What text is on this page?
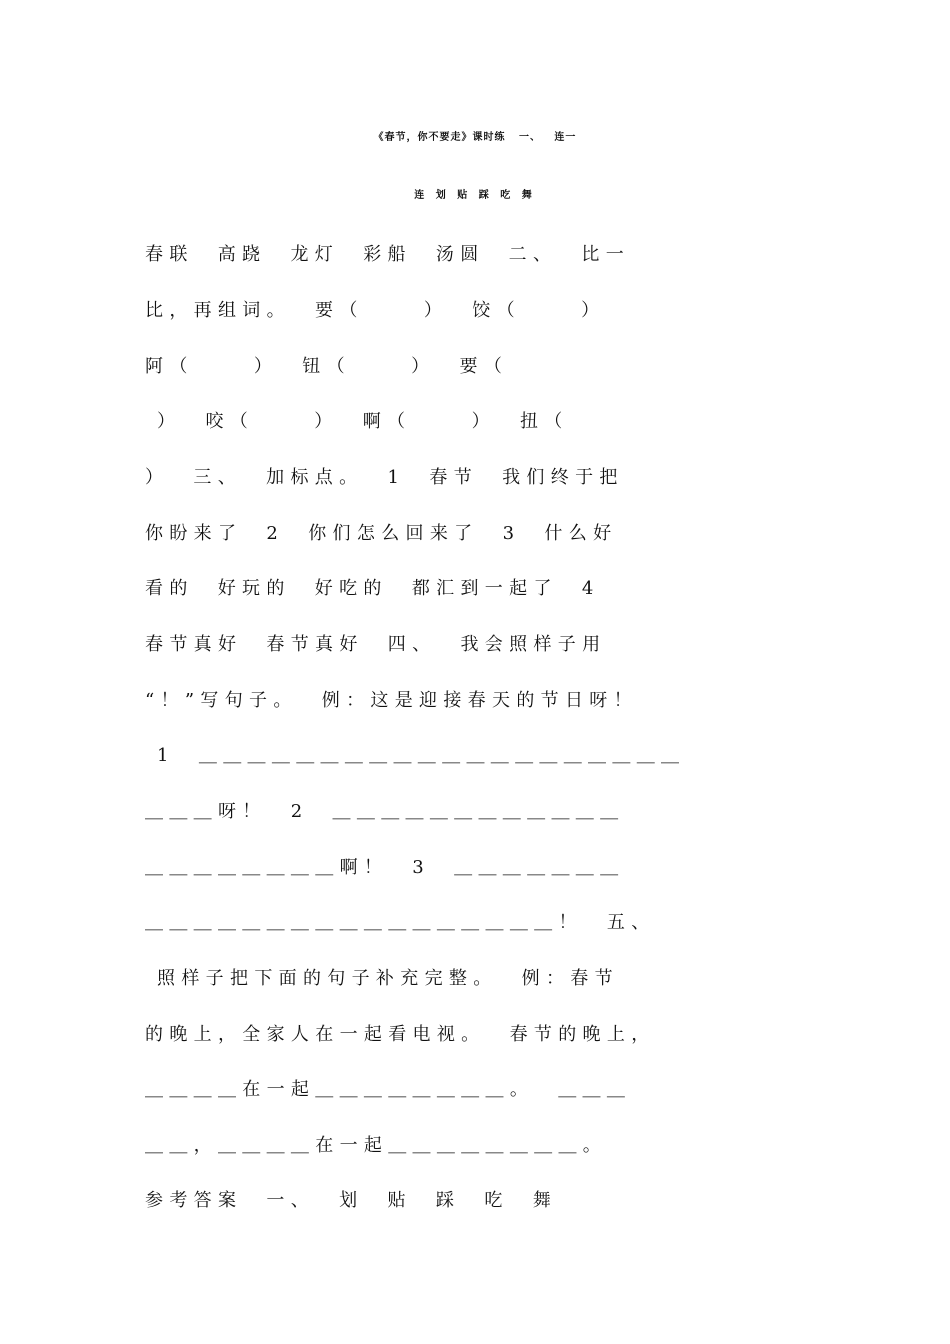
《春节，你不要走》课时练   一、   连一
连 划 贴 踩 吃 舞
春 联     高 跷     龙 灯     彩 船     汤 圆     二 、     比 一
比 ， 再 组 词 。     要 （           ）     饺 （           ）
阿 （           ）     钮 （           ）     要 （
）     咬 （           ）     啊 （           ）     扭 （
）     三 、     加 标 点 。     1     春 节     我 们 终 于 把
你 盼 来 了     2     你 们 怎 么 回 来 了     3     什 么 好
看 的     好 玩 的     好 吃 的     都 汇 到 一 起 了     4
春 节 真 好     春 节 真 好     四 、     我 会 照 样 子 用
“ ！ ” 写 句 子 。     例 ： 这 是 迎 接 春 天 的 节 日 呀 ！
1     ＿ ＿ ＿ ＿ ＿ ＿ ＿ ＿ ＿ ＿ ＿ ＿ ＿ ＿ ＿ ＿ ＿ ＿ ＿ ＿
＿ ＿ ＿ 呀 ！     2     ＿ ＿ ＿ ＿ ＿ ＿ ＿ ＿ ＿ ＿ ＿ ＿
＿ ＿ ＿ ＿ ＿ ＿ ＿ ＿ 啊 ！     3     ＿ ＿ ＿ ＿ ＿ ＿ ＿
＿ ＿ ＿ ＿ ＿ ＿ ＿ ＿ ＿ ＿ ＿ ＿ ＿ ＿ ＿ ＿ ＿ ！     五 、
照 样 子 把 下 面 的 句 子 补 充 完 整 。     例 ： 春 节
的 晚 上 ， 全 家 人 在 一 起 看 电 视 。     春 节 的 晚 上 ，
＿ ＿ ＿ ＿ 在 一 起 ＿ ＿ ＿ ＿ ＿ ＿ ＿ ＿ 。     ＿ ＿ ＿
＿ ＿ ， ＿ ＿ ＿ ＿ 在 一 起 ＿ ＿ ＿ ＿ ＿ ＿ ＿ ＿ 。
参 考 答 案     一 、     划     贴     踩     吃     舞
